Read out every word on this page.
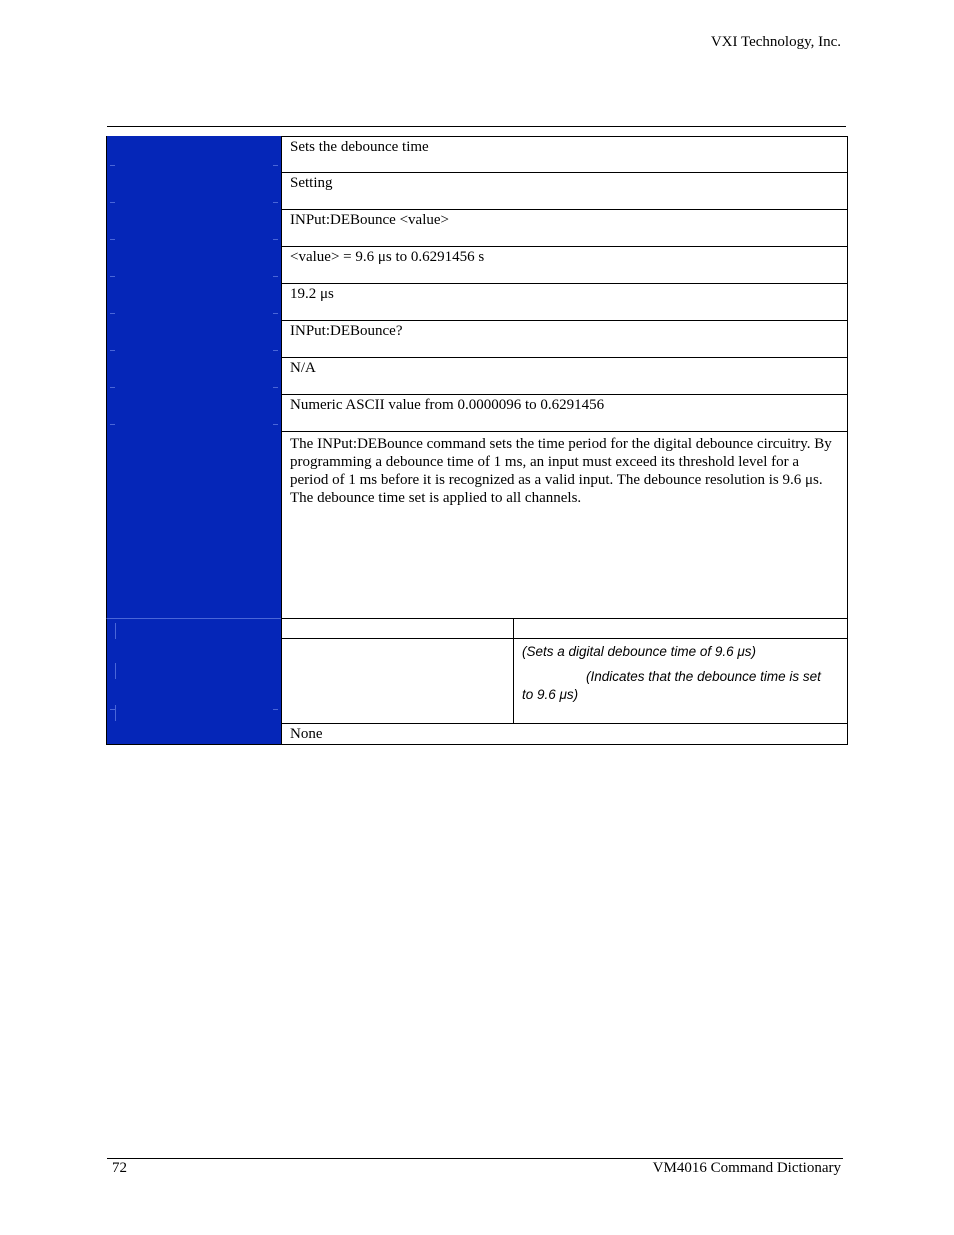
VXI Technology, Inc.
Sets the debounce time
Setting
INPut:DEBounce <value>
<value> = 9.6 μs to 0.6291456 s
19.2 μs
INPut:DEBounce?
N/A
Numeric ASCII value from 0.0000096 to 0.6291456
The INPut:DEBounce command sets the time period for the digital debounce circuitry. By programming a debounce time of 1 ms, an input must exceed its threshold level for a period of 1 ms before it is recognized as a valid input. The debounce resolution is 9.6 μs. The debounce time set is applied to all channels.
(Sets a digital debounce time of 9.6 μs)
(Indicates that the debounce time is set to 9.6 μs)
None
72	VM4016 Command Dictionary
